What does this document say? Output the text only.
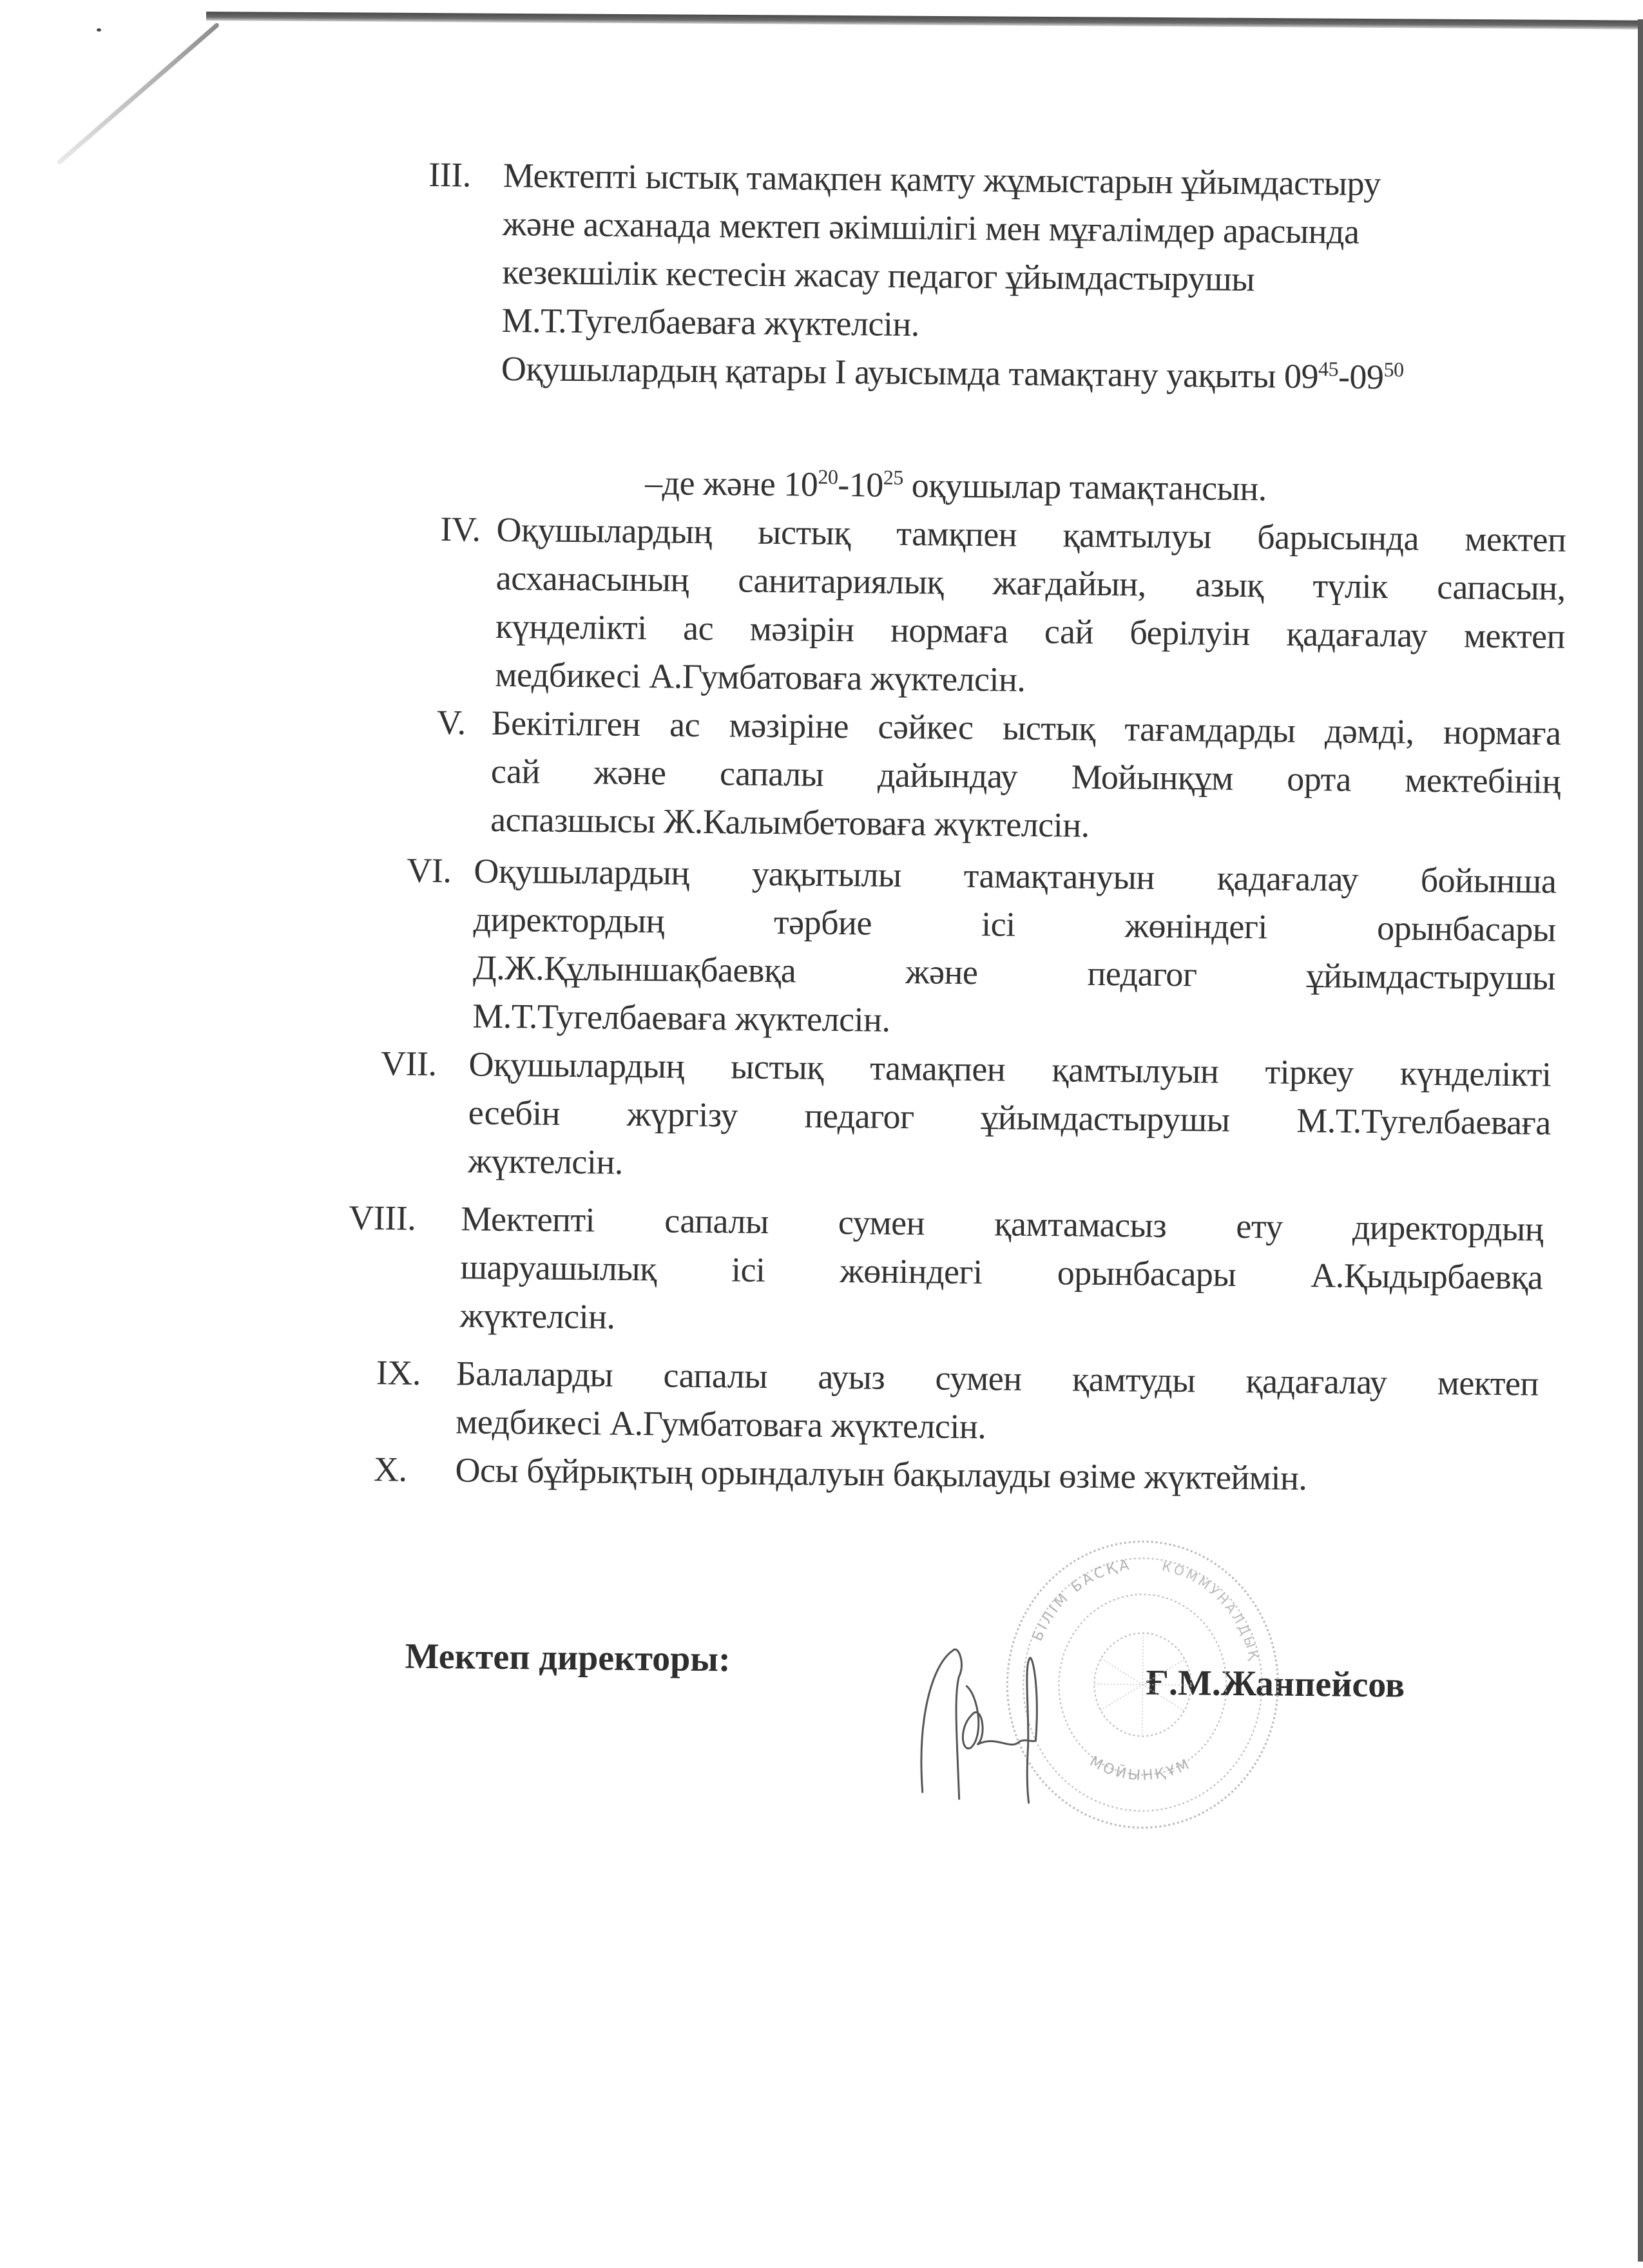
III. Мектепті ыстық тамақпен қамту жұмыстарын ұйымдастыру
және асханада мектеп әкімшілігі мен мұғалімдер арасында
кезекшілік кестесін жасау педагог ұйымдастырушы
М.Т.Тугелбаеваға жүктелсін.
Оқушылардың қатары I ауысымда тамақтану уақыты $09^{45}-09^{50}$
–де және $10^{20}-10^{25}$ оқушылар тамақтансын.
IV. Оқушылардың ыстық тамқпен қамтылуы барысында мектеп
асханасының санитариялық жағдайын, азық түлік сапасын,
күнделікті ас мәзірін нормаға сай берілуін қадағалау мектеп
медбикесі А.Гумбатоваға жүктелсін.
V. Бекітілген ас мәзіріне сәйкес ыстық тағамдарды дәмді, нормаға
сай және сапалы дайындау Мойынқұм орта мектебінің
аспазшысы Ж.Калымбетоваға жүктелсін.
VI. Оқушылардың уақытылы тамақтануын қадағалау бойынша
директордың тәрбие ісі жөніндегі орынбасары
Д.Ж.Құлыншақбаевқа және педагог ұйымдастырушы
М.Т.Тугелбаеваға жүктелсін.
VII. Оқушылардың ыстық тамақпен қамтылуын тіркеу күнделікті
есебін жүргізу педагог ұйымдастырушы М.Т.Тугелбаеваға
жүктелсін.
VIII. Мектепті сапалы сумен қамтамасыз ету директордың
шаруашылық ісі жөніндегі орынбасары А.Қыдырбаевқа
жүктелсін.
IX. Балаларды сапалы ауыз сумен қамтуды қадағалау мектеп
медбикесі А.Гумбатоваға жүктелсін.
X. Осы бұйрықтың орындалуын бақылауды өзіме жүктеймін.
Мектеп директоры:
Ғ.М.Жанпейсов
БІЛІМ БАСҚА КОММУНАЛДЫҚ
МОЙЫНҚҰМ
